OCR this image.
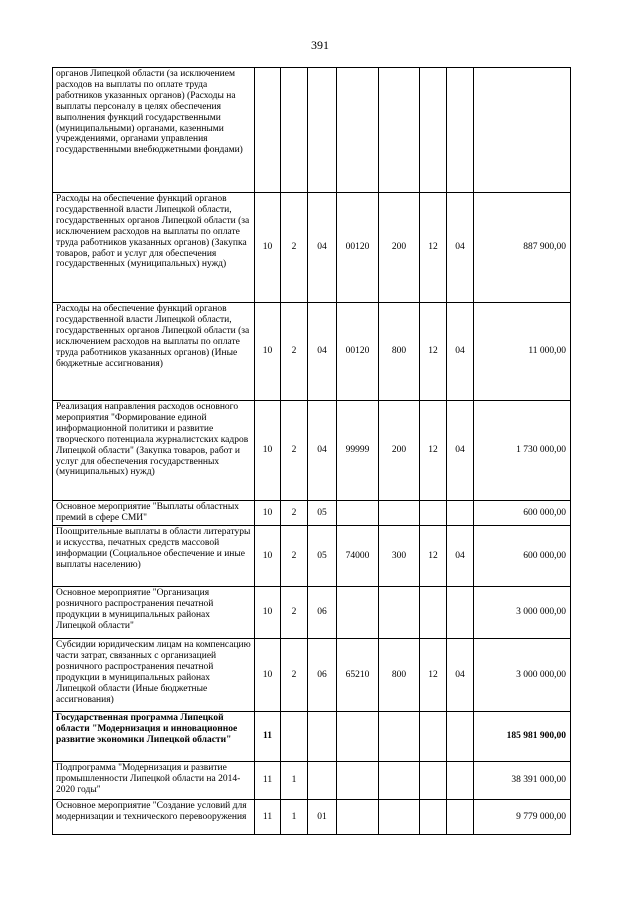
391
органов Липецкой области (за исключением расходов на выплаты по оплате труда работников указанных органов) (Расходы на выплаты персоналу в целях обеспечения выполнения функций государственными (муниципальными) органами, казенными учреждениями, органами управления государственными внебюджетными фондами)								
Расходы на обеспечение функций органов государственной власти Липецкой области, государственных органов Липецкой области (за исключением расходов на выплаты по оплате труда работников указанных органов) (Закупка товаров, работ и услуг для обеспечения государственных (муниципальных) нужд)	10	2	04	00120	200	12	04	887 900,00
Расходы на обеспечение функций органов государственной власти Липецкой области, государственных органов Липецкой области (за исключением расходов на выплаты по оплате труда работников указанных органов) (Иные бюджетные ассигнования)	10	2	04	00120	800	12	04	11 000,00
Реализация направления расходов основного мероприятия "Формирование единой информационной политики и развитие творческого потенциала журналистских кадров Липецкой области" (Закупка товаров, работ и услуг для обеспечения государственных (муниципальных) нужд)	10	2	04	99999	200	12	04	1 730 000,00
Основное мероприятие "Выплаты областных премий в сфере СМИ"	10	2	05					600 000,00
Поощрительные выплаты в области литературы и искусства, печатных средств массовой информации (Социальное обеспечение и иные выплаты населению)	10	2	05	74000	300	12	04	600 000,00
Основное мероприятие "Организация розничного распространения печатной продукции в муниципальных районах Липецкой области"	10	2	06					3 000 000,00
Субсидии юридическим лицам на компенсацию части затрат, связанных с организацией розничного распространения печатной продукции в муниципальных районах Липецкой области (Иные бюджетные ассигнования)	10	2	06	65210	800	12	04	3 000 000,00
Государственная программа Липецкой области "Модернизация и инновационное развитие экономики Липецкой области"	11							185 981 900,00
Подпрограмма "Модернизация и развитие промышленности Липецкой области на 2014-2020 годы"	11	1						38 391 000,00
Основное мероприятие "Создание условий для модернизации и технического перевооружения	11	1	01					9 779 000,00
